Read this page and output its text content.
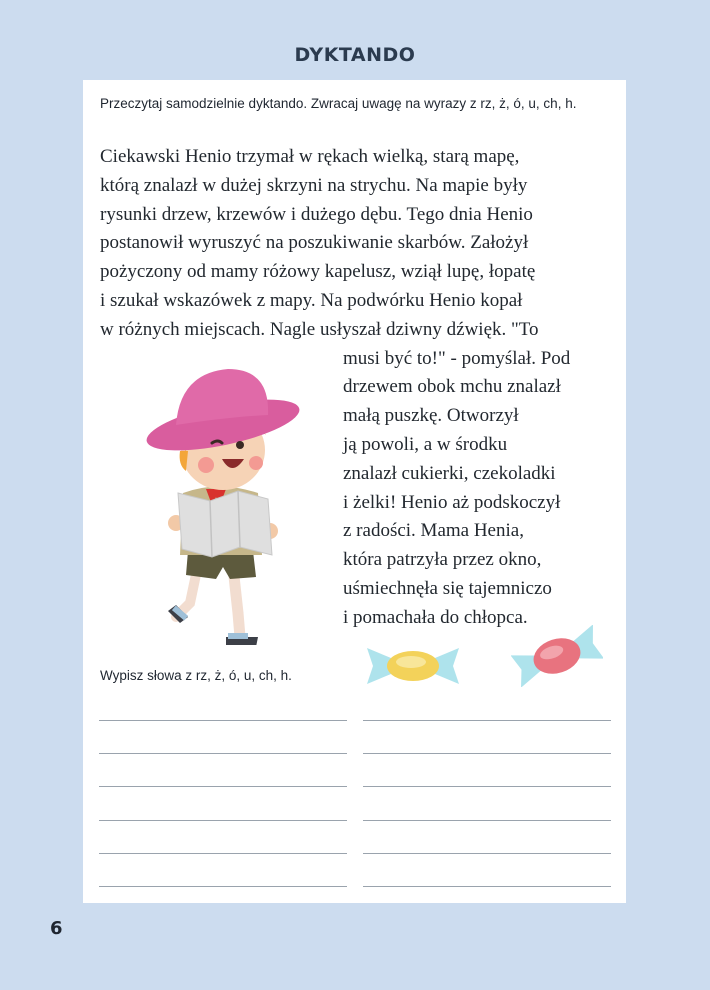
DYKTANDO
Przeczytaj samodzielnie dyktando. Zwracaj uwagę na wyrazy z rz, ż, ó, u, ch, h.
Ciekawski Henio trzymał w rękach wielką, starą mapę,
którą znalazł w dużej skrzyni na strychu. Na mapie były
rysunki drzew, krzewów i dużego dębu. Tego dnia Henio
postanowił wyruszyć na poszukiwanie skarbów. Założył
pożyczony od mamy różowy kapelusz, wziął lupę, łopatę
i szukał wskazówek z mapy. Na podwórku Henio kopał
w różnych miejscach. Nagle usłyszał dziwny dźwięk. "To
musi być to!" - pomyślał. Pod
drzewem obok mchu znalazł
małą puszkę. Otworzył
ją powoli, a w środku
znalazł cukierki, czekoladki
i żelki! Henio aż podskoczył
z radości. Mama Henia,
która patrzyła przez okno,
uśmiechnęła się tajemniczo
i pomachała do chłopca.
Wypisz słowa z rz, ż, ó, u, ch, h.
6
